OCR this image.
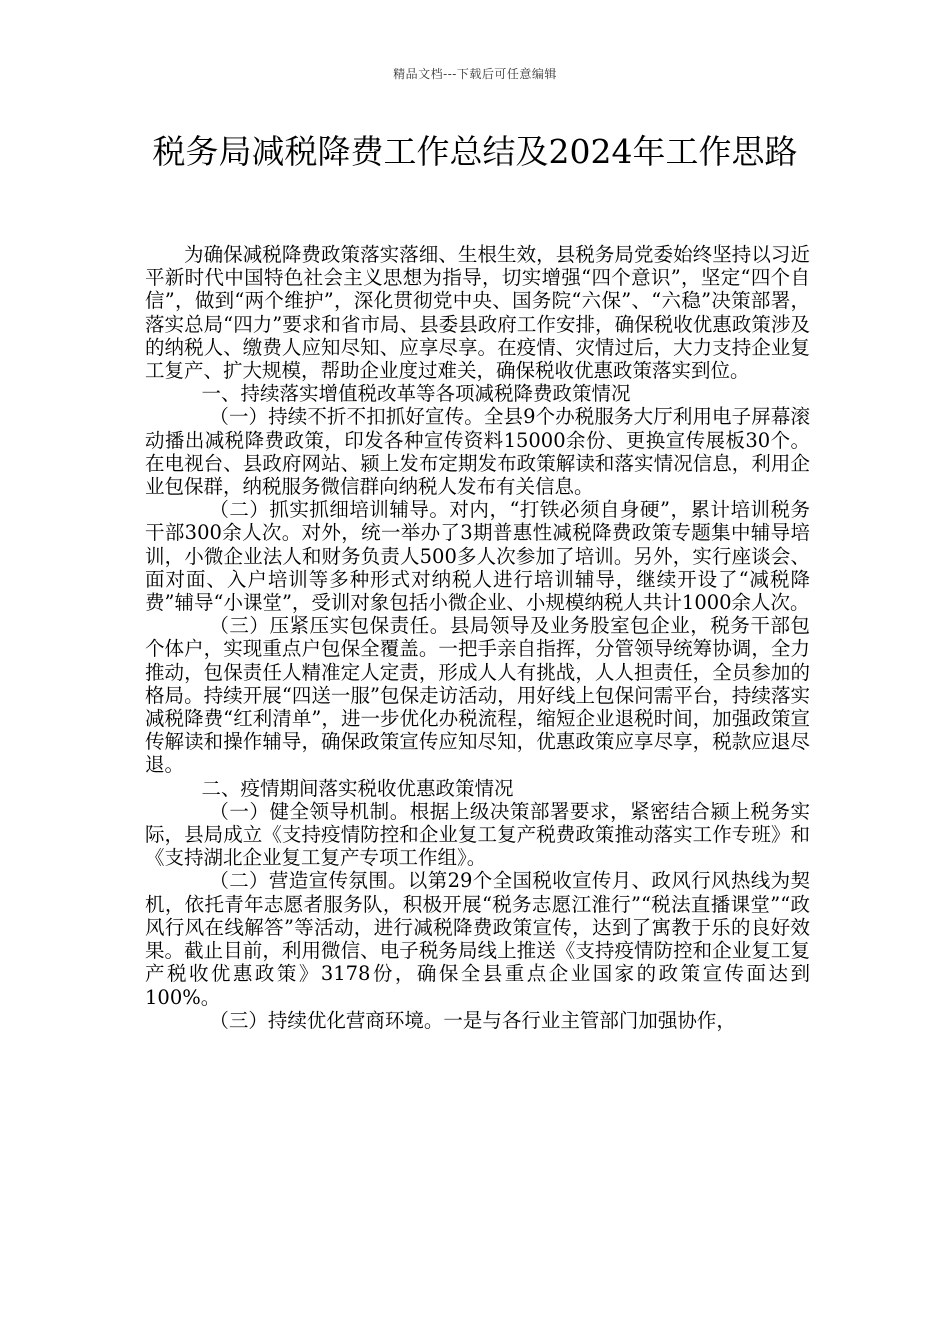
精品文档---下载后可任意编辑
税务局减税降费工作总结及2024年工作思路

为确保减税降费政策落实落细、生根生效，县税务局党委始终坚持以习近平新时代中国特色社会主义思想为指导，切实增强“四个意识”，坚定“四个自信”，做到“两个维护”，深化贯彻党中央、国务院“六保”、“六稳”决策部署，落实总局“四力”要求和省市局、县委县政府工作安排，确保税收优惠政策涉及的纳税人、缴费人应知尽知、应享尽享。在疫情、灾情过后，大力支持企业复工复产、扩大规模，帮助企业度过难关，确保税收优惠政策落实到位。

一、持续落实增值税改革等各项减税降费政策情况

（一）持续不折不扣抓好宣传。全县9个办税服务大厅利用电子屏幕滚动播出减税降费政策，印发各种宣传资料15000余份、更换宣传展板30个。在电视台、县政府网站、颍上发布定期发布政策解读和落实情况信息，利用企业包保群，纳税服务微信群向纳税人发布有关信息。

（二）抓实抓细培训辅导。对内，“打铁必须自身硬”，累计培训税务干部300余人次。对外，统一举办了3期普惠性减税降费政策专题集中辅导培训，小微企业法人和财务负责人500多人次参加了培训。另外，实行座谈会、面对面、入户培训等多种形式对纳税人进行培训辅导，继续开设了“减税降费”辅导“小课堂”，受训对象包括小微企业、小规模纳税人共计1000余人次。

（三）压紧压实包保责任。县局领导及业务股室包企业，税务干部包个体户，实现重点户包保全覆盖。一把手亲自指挥，分管领导统筹协调，全力推动，包保责任人精准定人定责，形成人人有挑战，人人担责任，全员参加的格局。持续开展“四送一服”包保走访活动，用好线上包保问需平台，持续落实减税降费“红利清单”，进一步优化办税流程，缩短企业退税时间，加强政策宣传解读和操作辅导，确保政策宣传应知尽知，优惠政策应享尽享，税款应退尽退。

二、疫情期间落实税收优惠政策情况

（一）健全领导机制。根据上级决策部署要求，紧密结合颍上税务实际，县局成立《支持疫情防控和企业复工复产税费政策推动落实工作专班》和《支持湖北企业复工复产专项工作组》。

（二）营造宣传氛围。以第29个全国税收宣传月、政风行风热线为契机，依托青年志愿者服务队，积极开展“税务志愿江淮行”“税法直播课堂”“政风行风在线解答”等活动，进行减税降费政策宣传，达到了寓教于乐的良好效果。截止目前，利用微信、电子税务局线上推送《支持疫情防控和企业复工复产税收优惠政策》3178份，确保全县重点企业国家的政策宣传面达到100%。

（三）持续优化营商环境。一是与各行业主管部门加强协作，
